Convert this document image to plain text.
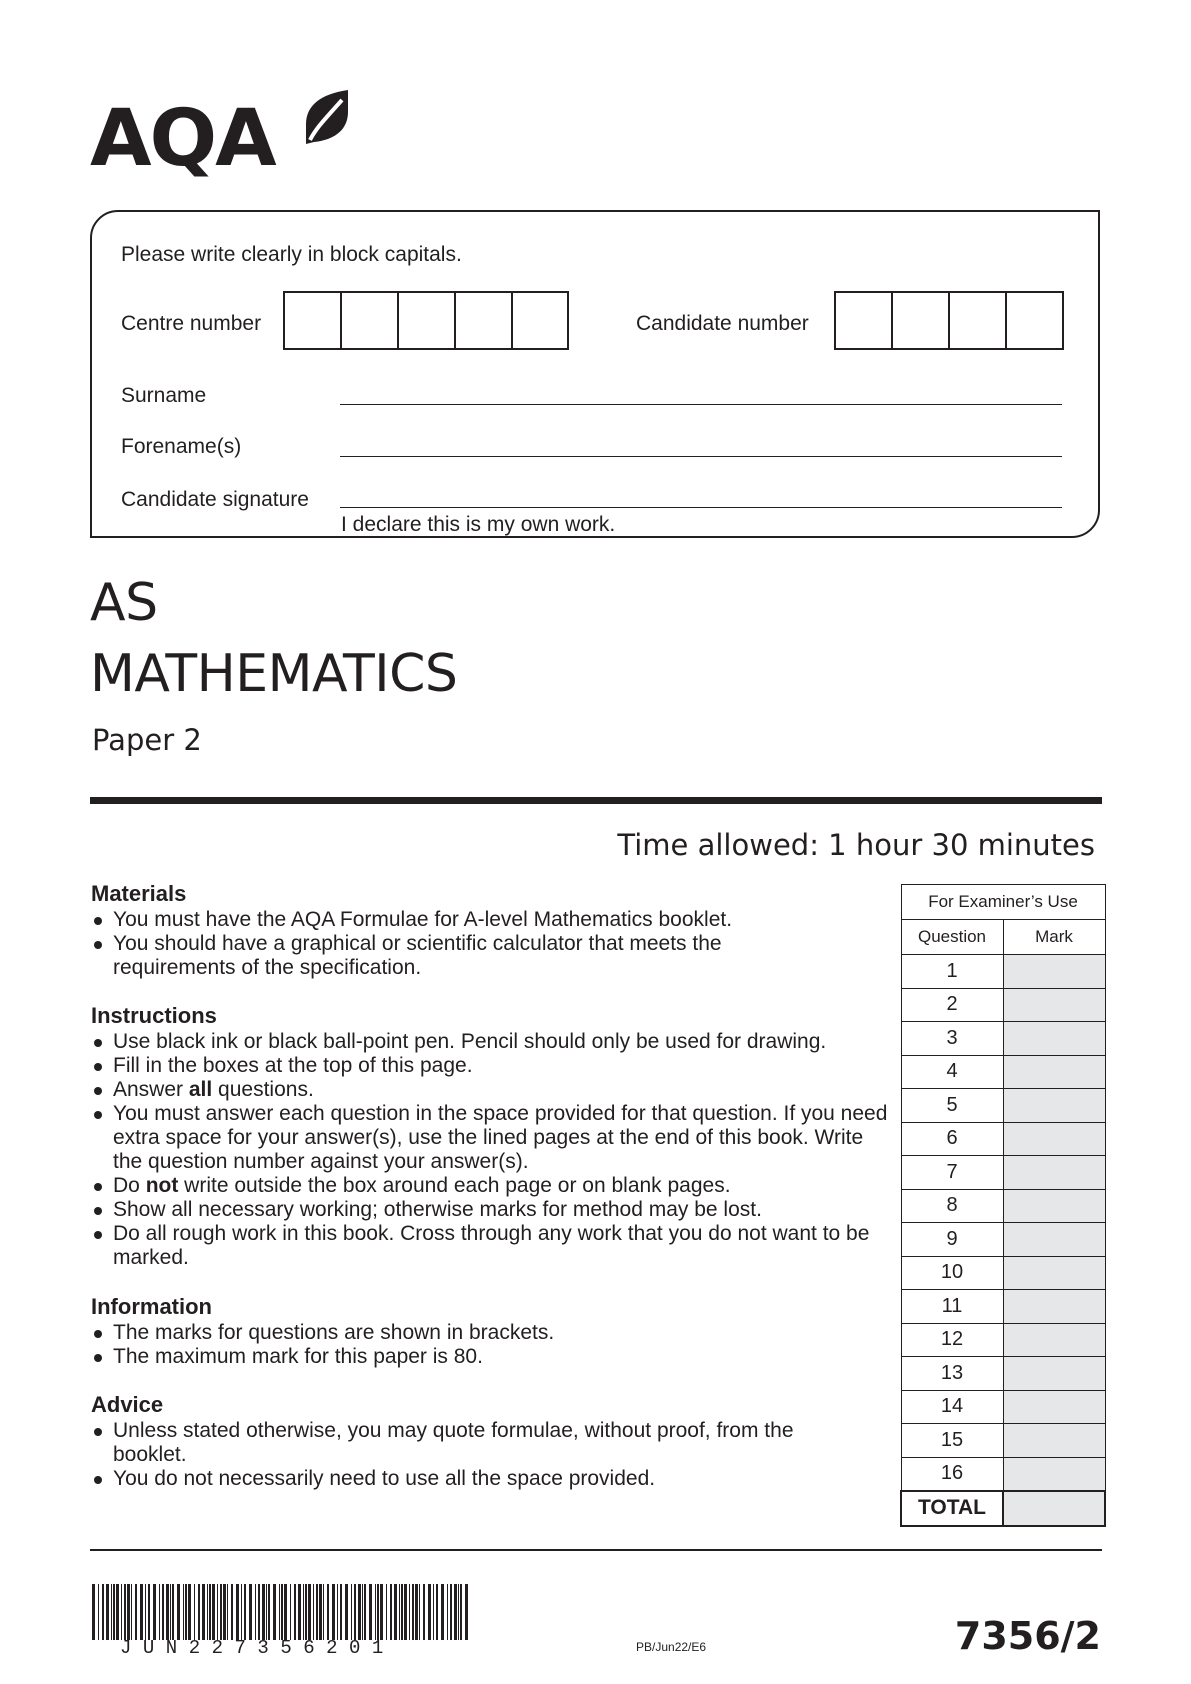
AQA
Please write clearly in block capitals.
Centre number	Candidate number
Surname
Forename(s)
Candidate signature
I declare this is my own work.
AS
MATHEMATICS
Paper 2
Time allowed: 1 hour 30 minutes
Materials
You must have the AQA Formulae for A-level Mathematics booklet.
You should have a graphical or scientific calculator that meets the requirements of the specification.
Instructions
Use black ink or black ball-point pen. Pencil should only be used for drawing.
Fill in the boxes at the top of this page.
Answer all questions.
You must answer each question in the space provided for that question. If you need extra space for your answer(s), use the lined pages at the end of this book. Write the question number against your answer(s).
Do not write outside the box around each page or on blank pages.
Show all necessary working; otherwise marks for method may be lost.
Do all rough work in this book. Cross through any work that you do not want to be marked.
Information
The marks for questions are shown in brackets.
The maximum mark for this paper is 80.
Advice
Unless stated otherwise, you may quote formulae, without proof, from the booklet.
You do not necessarily need to use all the space provided.
For Examiner’s Use	
Question	Mark
1	
2	
3	
4	
5	
6	
7	
8	
9	
10	
11	
12	
13	
14	
15	
16	
TOTAL	
JUN227356201	PB/Jun22/E6	7356/2
